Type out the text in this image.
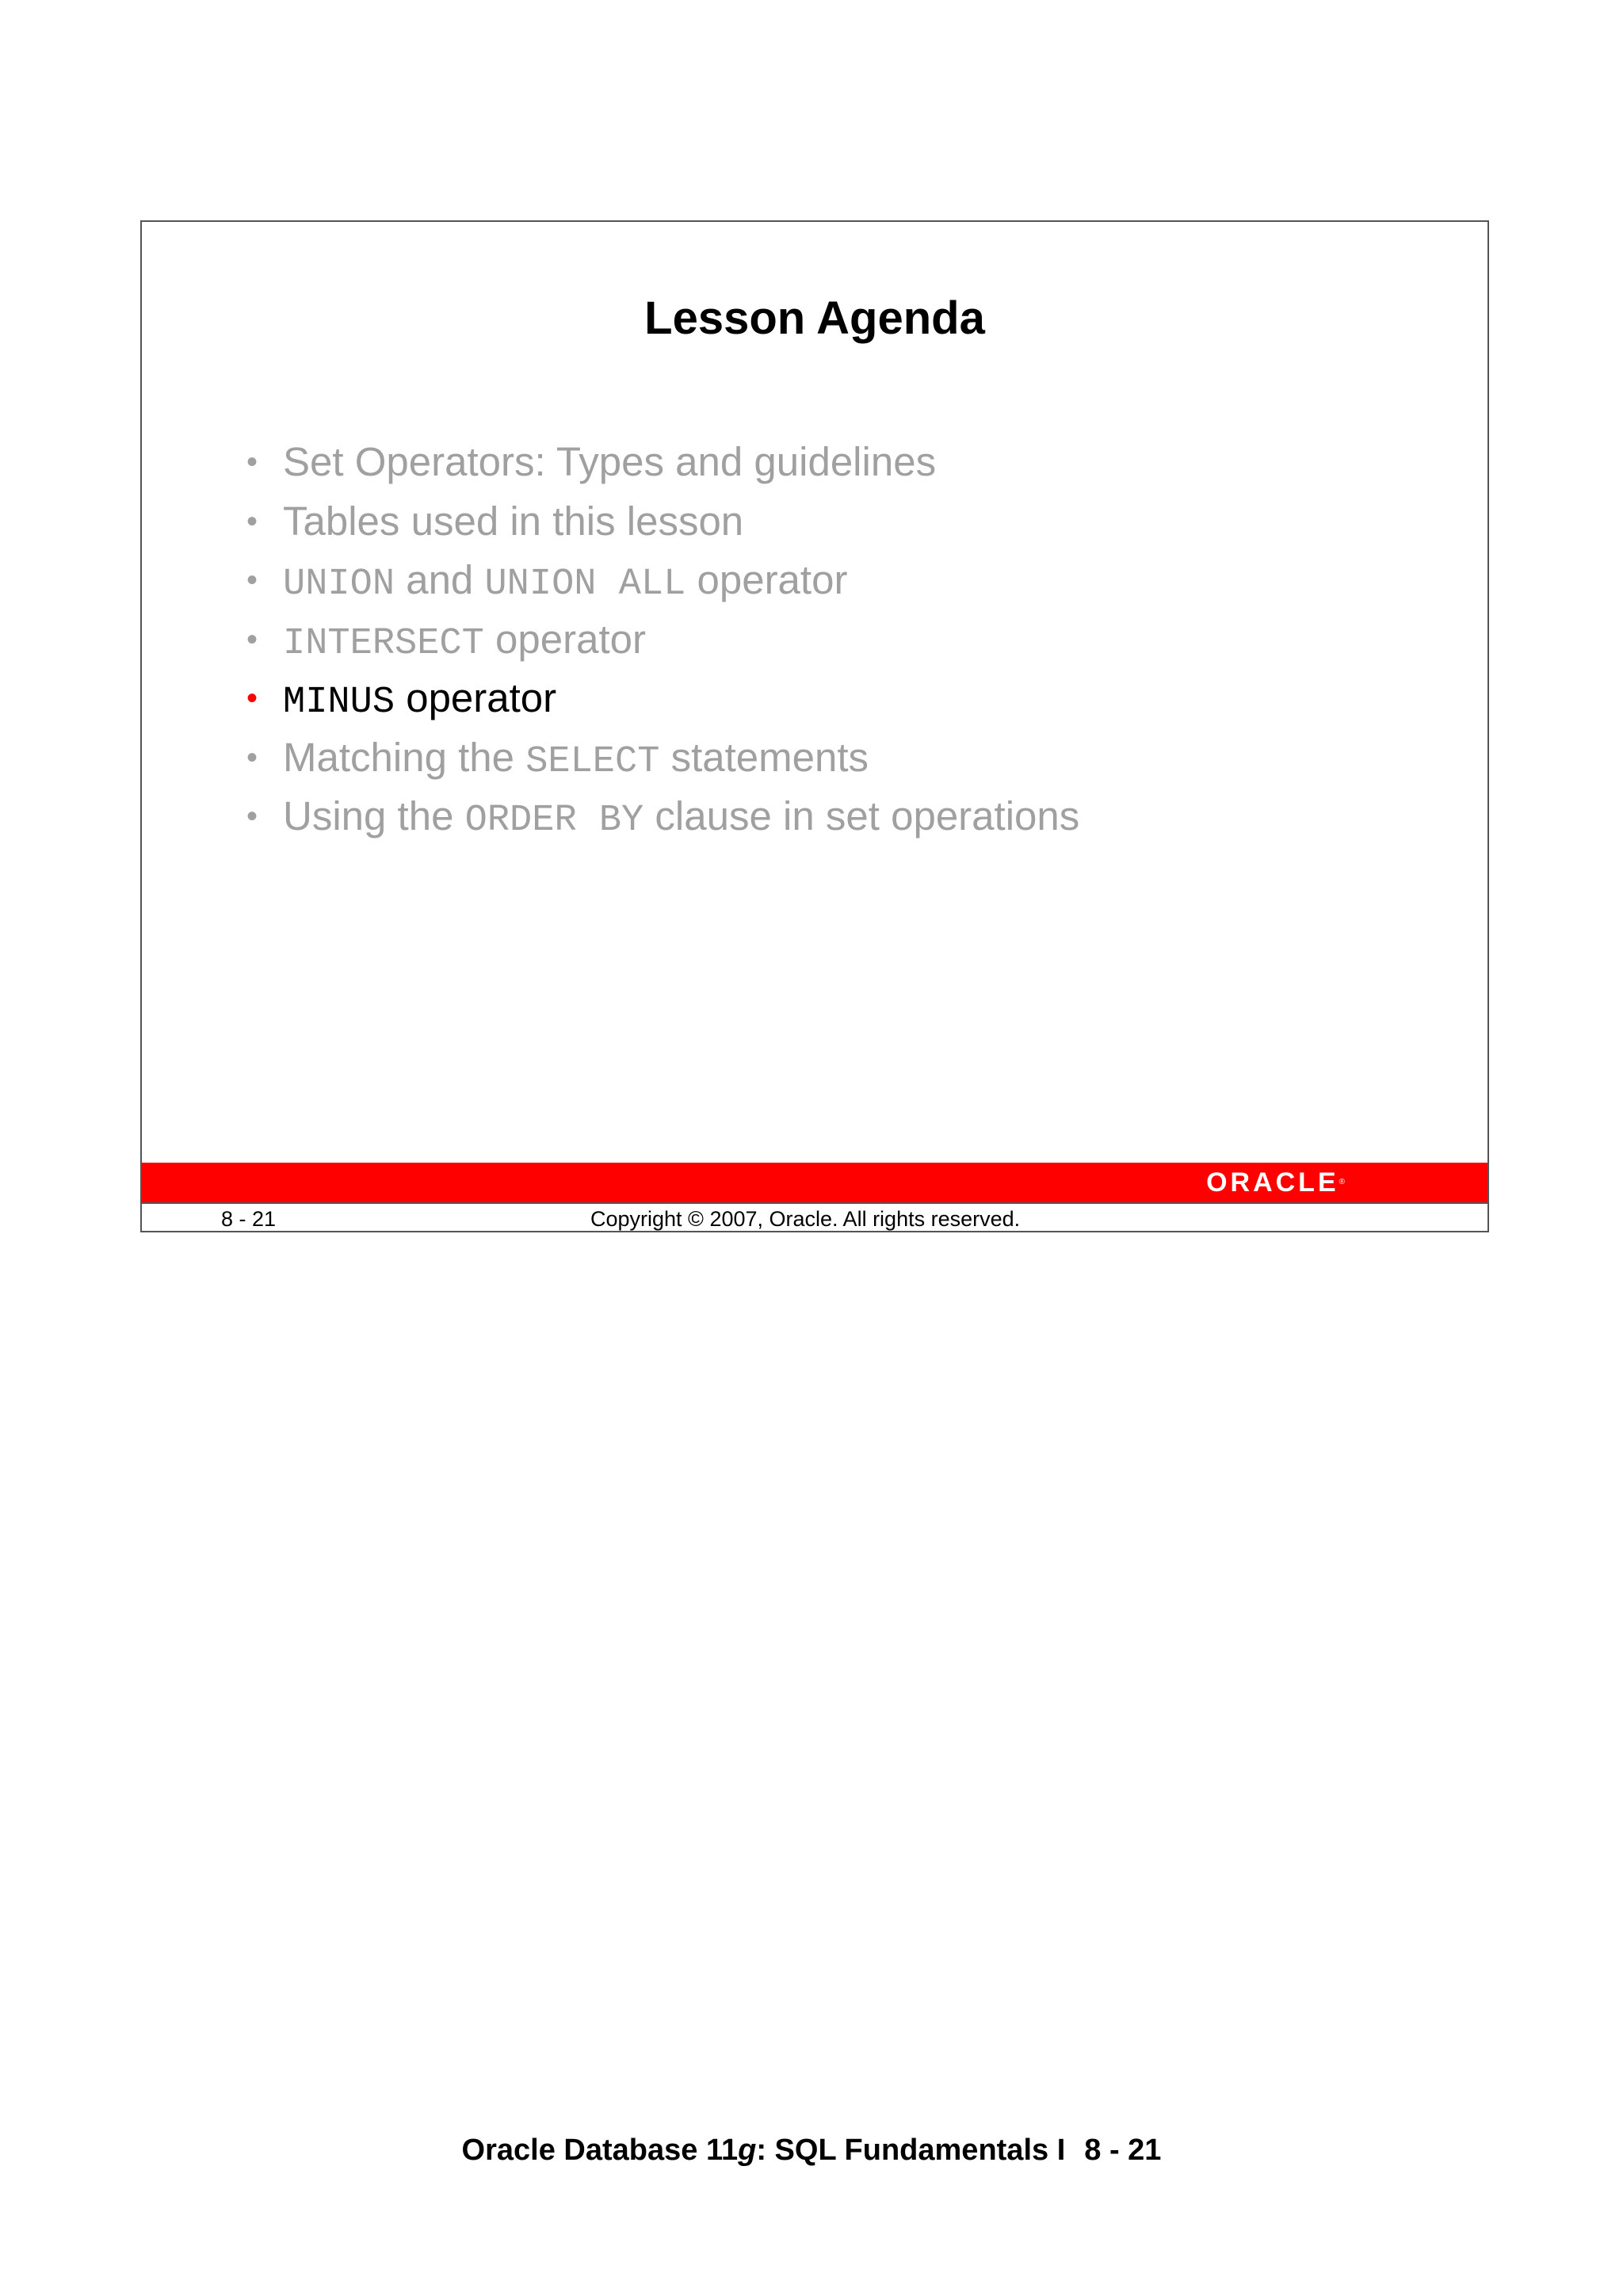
Lesson Agenda
• Set Operators: Types and guidelines
• Tables used in this lesson
• UNION and UNION ALL operator
• INTERSECT operator
• MINUS operator
• Matching the SELECT statements
• Using the ORDER BY clause in set operations
ORACLE®
8 - 21	Copyright © 2007, Oracle. All rights reserved.
Oracle Database 11g: SQL Fundamentals I 8 - 21
